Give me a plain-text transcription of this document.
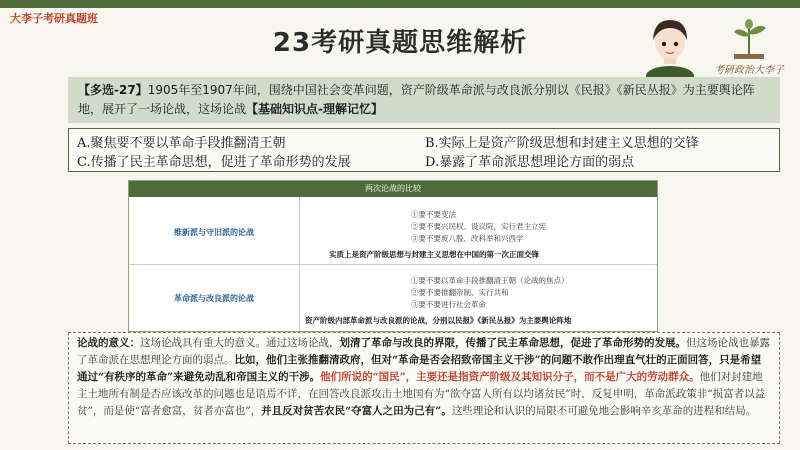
大李子考研真题班
23考研真题思维解析
考研政治大李子
【多选-27】1905年至1907年间，围绕中国社会变革问题，资产阶级革命派与改良派分别以《民报》《新民丛报》为主要舆论阵地，展开了一场论战，这场论战【基础知识点-理解记忆】
A.聚焦要不要以革命手段推翻清王朝	B.实际上是资产阶级思想和封建主义思想的交锋
C.传播了民主革命思想，促进了革命形势的发展	D.暴露了革命派思想理论方面的弱点
两次论战的比较
维新派与守旧派的论战
①要不要变法
②要不要兴民权、设议院，实行君主立宪
③要不要废八股、改科举和兴西学
实质上是资产阶级思想与封建主义思想在中国的第一次正面交锋
革命派与改良派的论战
①要不要以革命手段推翻清王朝（论战的焦点）
②要不要推翻帝制、实行共和
③要不要进行社会革命
资产阶级内部革命派与改良派的论战，分别以民报》《新民丛报》为主要舆论阵地
论战的意义：这场论战具有重大的意义。通过这场论战，划清了革命与改良的界限，传播了民主革命思想，促进了革命形势的发展。但这场论战也暴露了革命派在思想理论方面的弱点。比如，他们主张推翻清政府，但对“革命是否会招致帝国主义干涉”的问题不敢作出理直气壮的正面回答，只是希望通过“有秩序的革命”来避免动乱和帝国主义的干涉。他们所说的“国民”，主要还是指资产阶级及其知识分子，而不是广大的劳动群众。他们对封建地主土地所有制是否应该改革的问题也是语焉不详，在回答改良派攻击土地国有为“欲夺富人所有以均诸贫民”时，反复申明，革命派政策非“损富者以益贫”，而是使“富者愈富，贫者亦富也”，并且反对贫苦农民“夺富人之田为己有”。这些理论和认识的局限不可避免地会影响辛亥革命的进程和结局。
